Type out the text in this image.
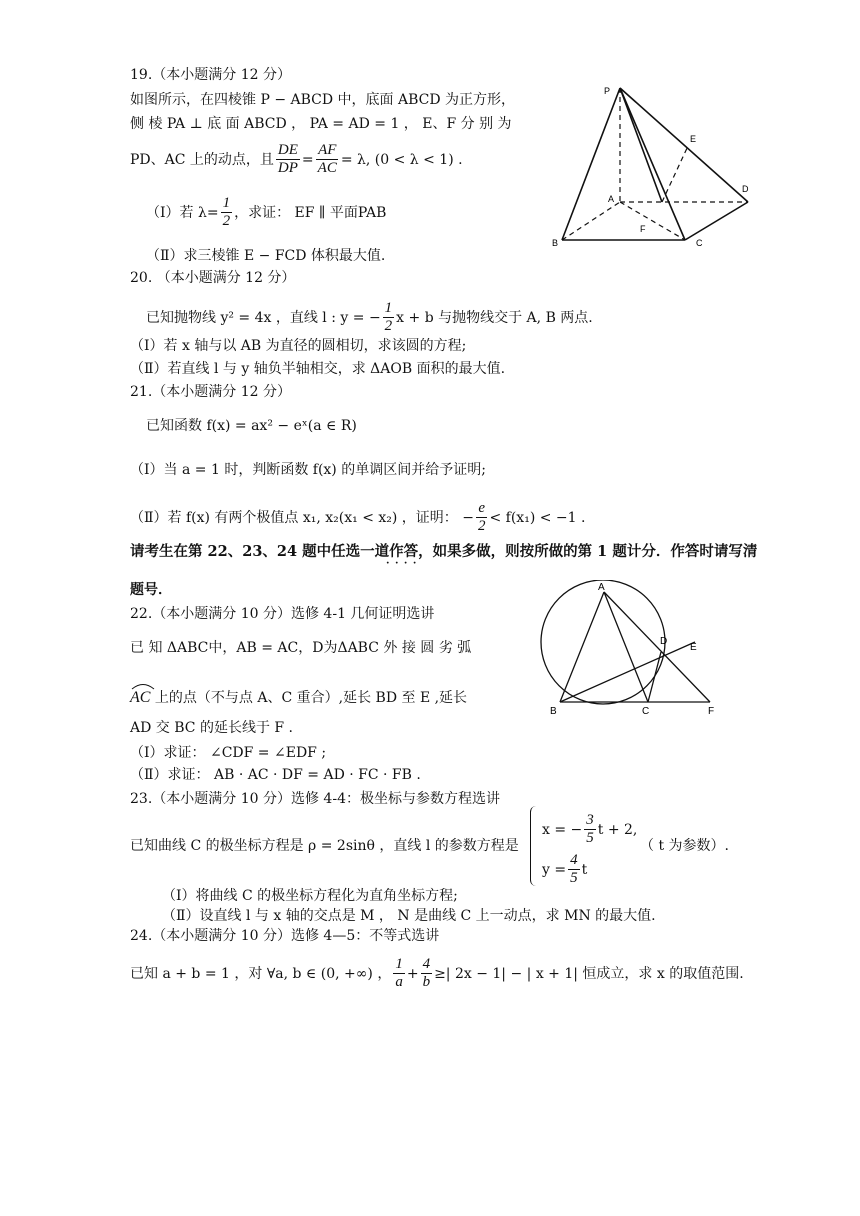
19.（本小题满分 12 分）
如图所示，在四棱锥 P − ABCD 中，底面 ABCD 为正方形，
侧 棱 PA ⊥ 底 面 ABCD ， PA = AD = 1 ， E、F 分 别 为
PD、AC 上的动点，且 $\frac{DE}{DP} = \frac{AF}{AC} = \lambda$, (0 < λ < 1) .
（Ⅰ）若 $\lambda= \frac{1}{2}$ ，求证： EF ∥ 平面PAB
（Ⅱ）求三棱锥 E − FCD 体积最大值.
P
A
B	C
D
E
F
20. （本小题满分 12 分）
已知抛物线 y² = 4x ，直线 l : y = − $\frac{1}{2}$ x + b 与抛物线交于 A, B 两点.
（Ⅰ）若 x 轴与以 AB 为直径的圆相切，求该圆的方程;
（Ⅱ）若直线 l 与 y 轴负半轴相交，求 ΔAOB 面积的最大值.
21.（本小题满分 12 分）
已知函数 f(x) = ax² − eˣ(a ∈ R)
（Ⅰ）当 a = 1 时，判断函数 f(x) 的单调区间并给予证明;
（Ⅱ）若 f(x) 有两个极值点 x₁, x₂(x₁ < x₂) ，证明： − $\frac{e}{2} < f(x_1) < -1$ .
请考生在第 22、23、24 题中任选一道作答，如果多做，则按所做的第 1 题计分．作答时请写清
· · · ·
题号．
22.（本小题满分 10 分）选修 4-1 几何证明选讲
已 知 ΔABC中，AB = AC，D为ΔABC 外 接 圆 劣 弧
AC 上的点（不与点 A、C 重合）,延长 BD 至 E ,延长
AD 交 BC 的延长线于 F .
（Ⅰ）求证： ∠CDF = ∠EDF ;
（Ⅱ）求证： AB · AC · DF = AD · FC · FB .
A
B	C
D
E
F
23.（本小题满分 10 分）选修 4-4：极坐标与参数方程选讲
已知曲线 C 的极坐标方程是 ρ = 2sinθ ，直线 l 的参数方程是
x = − $\frac{3}{5}$ t + 2,
$y = \frac{4}{5}$ t
（ t 为参数）.
（Ⅰ）将曲线 C 的极坐标方程化为直角坐标方程;
（Ⅱ）设直线 l 与 x 轴的交点是 M ， N 是曲线 C 上一动点，求 MN 的最大值.
24.（本小题满分 10 分）选修 4—5：不等式选讲
已知 a + b = 1 ，对 ∀a, b ∈ (0, +∞) ， $\frac{1}{a} + \frac{4}{b}$ ≥| 2x − 1| − | x + 1| 恒成立，求 x 的取值范围.
